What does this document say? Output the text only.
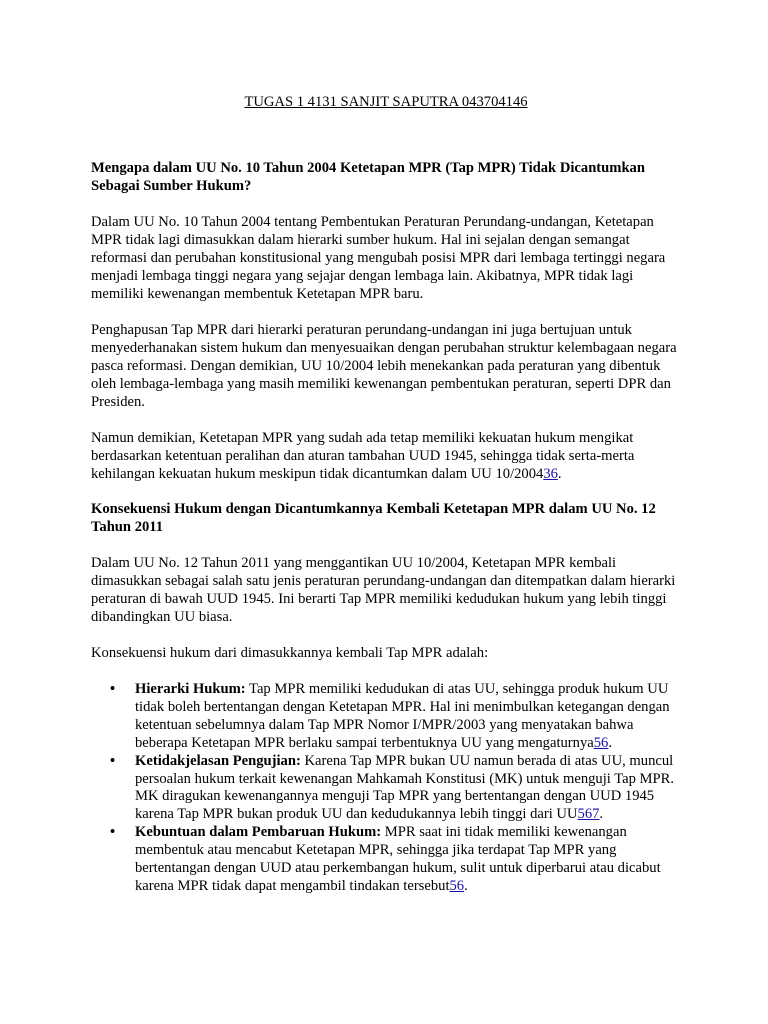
TUGAS 1 4131 SANJIT SAPUTRA 043704146

Mengapa dalam UU No. 10 Tahun 2004 Ketetapan MPR (Tap MPR) Tidak Dicantumkan Sebagai Sumber Hukum?

Dalam UU No. 10 Tahun 2004 tentang Pembentukan Peraturan Perundang-undangan, Ketetapan MPR tidak lagi dimasukkan dalam hierarki sumber hukum. Hal ini sejalan dengan semangat reformasi dan perubahan konstitusional yang mengubah posisi MPR dari lembaga tertinggi negara menjadi lembaga tinggi negara yang sejajar dengan lembaga lain. Akibatnya, MPR tidak lagi memiliki kewenangan membentuk Ketetapan MPR baru.

Penghapusan Tap MPR dari hierarki peraturan perundang-undangan ini juga bertujuan untuk menyederhanakan sistem hukum dan menyesuaikan dengan perubahan struktur kelembagaan negara pasca reformasi. Dengan demikian, UU 10/2004 lebih menekankan pada peraturan yang dibentuk oleh lembaga-lembaga yang masih memiliki kewenangan pembentukan peraturan, seperti DPR dan Presiden.

Namun demikian, Ketetapan MPR yang sudah ada tetap memiliki kekuatan hukum mengikat berdasarkan ketentuan peralihan dan aturan tambahan UUD 1945, sehingga tidak serta-merta kehilangan kekuatan hukum meskipun tidak dicantumkan dalam UU 10/200436.

Konsekuensi Hukum dengan Dicantumkannya Kembali Ketetapan MPR dalam UU No. 12 Tahun 2011

Dalam UU No. 12 Tahun 2011 yang menggantikan UU 10/2004, Ketetapan MPR kembali dimasukkan sebagai salah satu jenis peraturan perundang-undangan dan ditempatkan dalam hierarki peraturan di bawah UUD 1945. Ini berarti Tap MPR memiliki kedudukan hukum yang lebih tinggi dibandingkan UU biasa.

Konsekuensi hukum dari dimasukkannya kembali Tap MPR adalah:

• Hierarki Hukum: Tap MPR memiliki kedudukan di atas UU, sehingga produk hukum UU tidak boleh bertentangan dengan Ketetapan MPR. Hal ini menimbulkan ketegangan dengan ketentuan sebelumnya dalam Tap MPR Nomor I/MPR/2003 yang menyatakan bahwa beberapa Ketetapan MPR berlaku sampai terbentuknya UU yang mengaturnya56.
• Ketidakjelasan Pengujian: Karena Tap MPR bukan UU namun berada di atas UU, muncul persoalan hukum terkait kewenangan Mahkamah Konstitusi (MK) untuk menguji Tap MPR. MK diragukan kewenangannya menguji Tap MPR yang bertentangan dengan UUD 1945 karena Tap MPR bukan produk UU dan kedudukannya lebih tinggi dari UU567.
• Kebuntuan dalam Pembaruan Hukum: MPR saat ini tidak memiliki kewenangan membentuk atau mencabut Ketetapan MPR, sehingga jika terdapat Tap MPR yang bertentangan dengan UUD atau perkembangan hukum, sulit untuk diperbarui atau dicabut karena MPR tidak dapat mengambil tindakan tersebut56.
